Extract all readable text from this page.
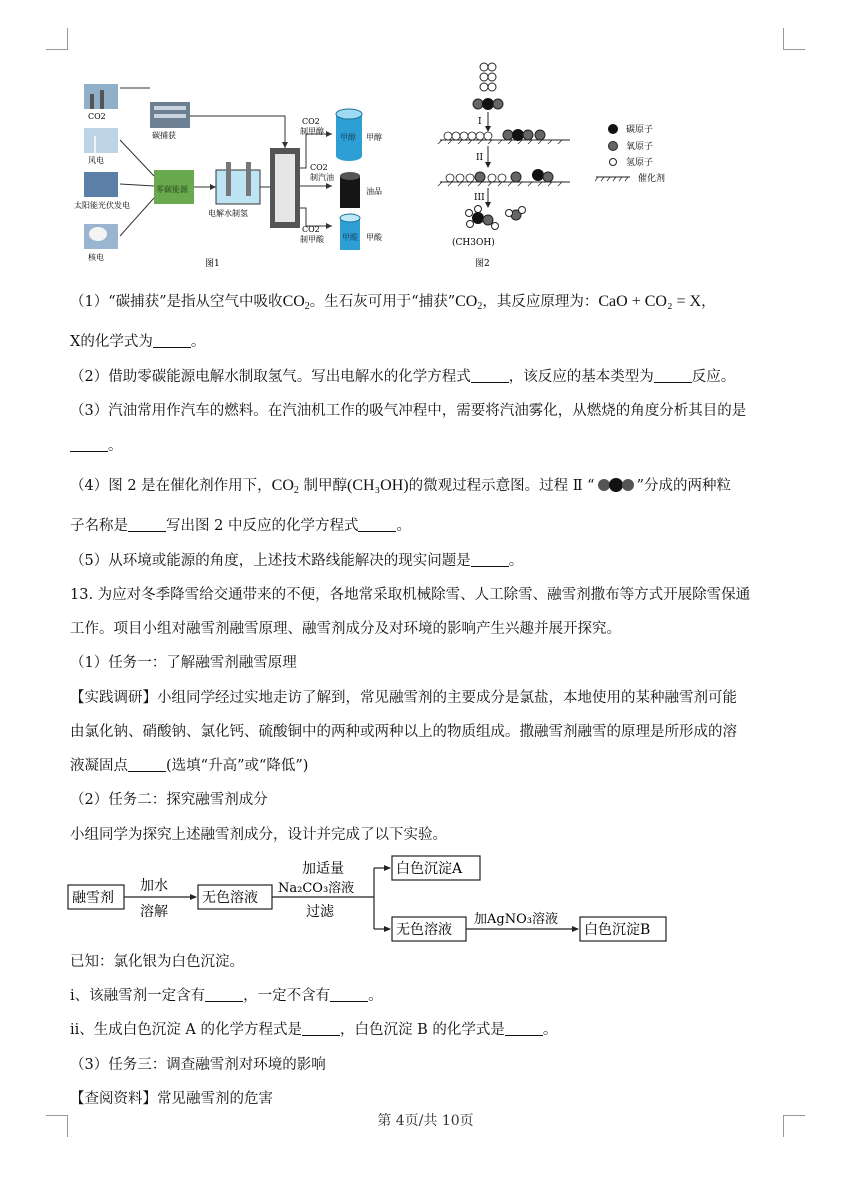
CO2
风电
太阳能光伏发电
核电
碳捕获
零碳能源
电解水制氢
CO2
制甲醇
CO2
制汽油
CO2
制甲酸
甲醇 甲醇
油品
甲酸 甲酸
图1
I
II
III
(CH3OH)
碳原子
氧原子
氢原子
催化剂
图2
（1）“碳捕获”是指从空气中吸收$CO_2$。生石灰可用于“捕获$”CO_2$，其反应原理为：CaO + CO₂ = X，
X的化学式为	。
（2）借助零碳能源电解水制取氢气。写出电解水的化学方程式	，该反应的基本类型为	反应。
（3）汽油常用作汽车的燃料。在汽油机工作的吸气冲程中，需要将汽油雾化，从燃烧的角度分析其目的是
。
（4）图 2 是在催化剂作用下，$CO_2$ 制甲醇(CH₃OH)的微观过程示意图。过程 Ⅱ “	”分成的两种粒
子名称是	写出图 2 中反应的化学方程式	。
（5）从环境或能源的角度，上述技术路线能解决的现实问题是	。
13. 为应对冬季降雪给交通带来的不便，各地常采取机械除雪、人工除雪、融雪剂撒布等方式开展除雪保通
工作。项目小组对融雪剂融雪原理、融雪剂成分及对环境的影响产生兴趣并展开探究。
（1）任务一：了解融雪剂融雪原理
【实践调研】小组同学经过实地走访了解到，常见融雪剂的主要成分是氯盐，本地使用的某种融雪剂可能
由氯化钠、硝酸钠、氯化钙、硫酸铜中的两种或两种以上的物质组成。撒融雪剂融雪的原理是所形成的溶
液凝固点	(选填“升高”或“降低”)
（2）任务二：探究融雪剂成分
小组同学为探究上述融雪剂成分，设计并完成了以下实验。
融雪剂
加水
溶解
无色溶液
加适量
Na₂CO₃溶液
过滤
白色沉淀A
无色溶液
加AgNO₃溶液
白色沉淀B
已知：氯化银为白色沉淀。
ⅰ、该融雪剂一定含有	，一定不含有	。
ⅱ、生成白色沉淀 A 的化学方程式是	，白色沉淀 B 的化学式是	。
（3）任务三：调查融雪剂对环境的影响
【查阅资料】常见融雪剂的危害
第 4页/共 10页
